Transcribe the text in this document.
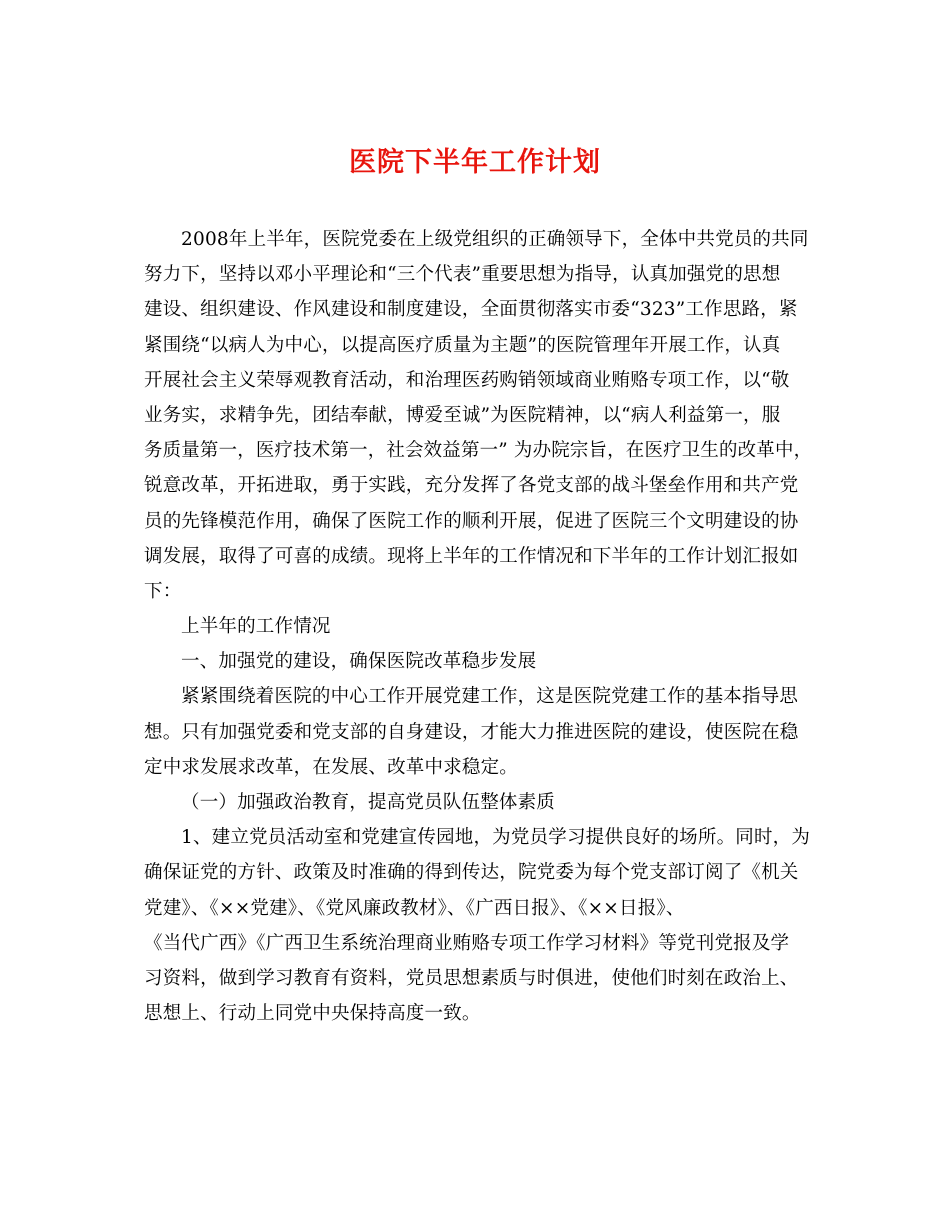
医院下半年工作计划
2008年上半年，医院党委在上级党组织的正确领导下，全体中共党员的共同
努力下，坚持以邓小平理论和“三个代表”重要思想为指导，认真加强党的思想
建设、组织建设、作风建设和制度建设，全面贯彻落实市委“323”工作思路，紧
紧围绕“以病人为中心，以提高医疗质量为主题”的医院管理年开展工作，认真
开展社会主义荣辱观教育活动，和治理医药购销领域商业贿赂专项工作，以“敬
业务实，求精争先，团结奉献，博爱至诚”为医院精神，以“病人利益第一，服
务质量第一，医疗技术第一，社会效益第一” 为办院宗旨，在医疗卫生的改革中，
锐意改革，开拓进取，勇于实践，充分发挥了各党支部的战斗堡垒作用和共产党
员的先锋模范作用，确保了医院工作的顺利开展，促进了医院三个文明建设的协
调发展，取得了可喜的成绩。现将上半年的工作情况和下半年的工作计划汇报如
下：
上半年的工作情况
一、加强党的建设，确保医院改革稳步发展
紧紧围绕着医院的中心工作开展党建工作，这是医院党建工作的基本指导思
想。只有加强党委和党支部的自身建设，才能大力推进医院的建设，使医院在稳
定中求发展求改革，在发展、改革中求稳定。
（一）加强政治教育，提高党员队伍整体素质
1、建立党员活动室和党建宣传园地，为党员学习提供良好的场所。同时，为
确保证党的方针、政策及时准确的得到传达，院党委为每个党支部订阅了《机关
党建》、《××党建》、《党风廉政教材》、《广西日报》、《××日报》、
《当代广西》《广西卫生系统治理商业贿赂专项工作学习材料》等党刊党报及学
习资料，做到学习教育有资料，党员思想素质与时俱进，使他们时刻在政治上、
思想上、行动上同党中央保持高度一致。
